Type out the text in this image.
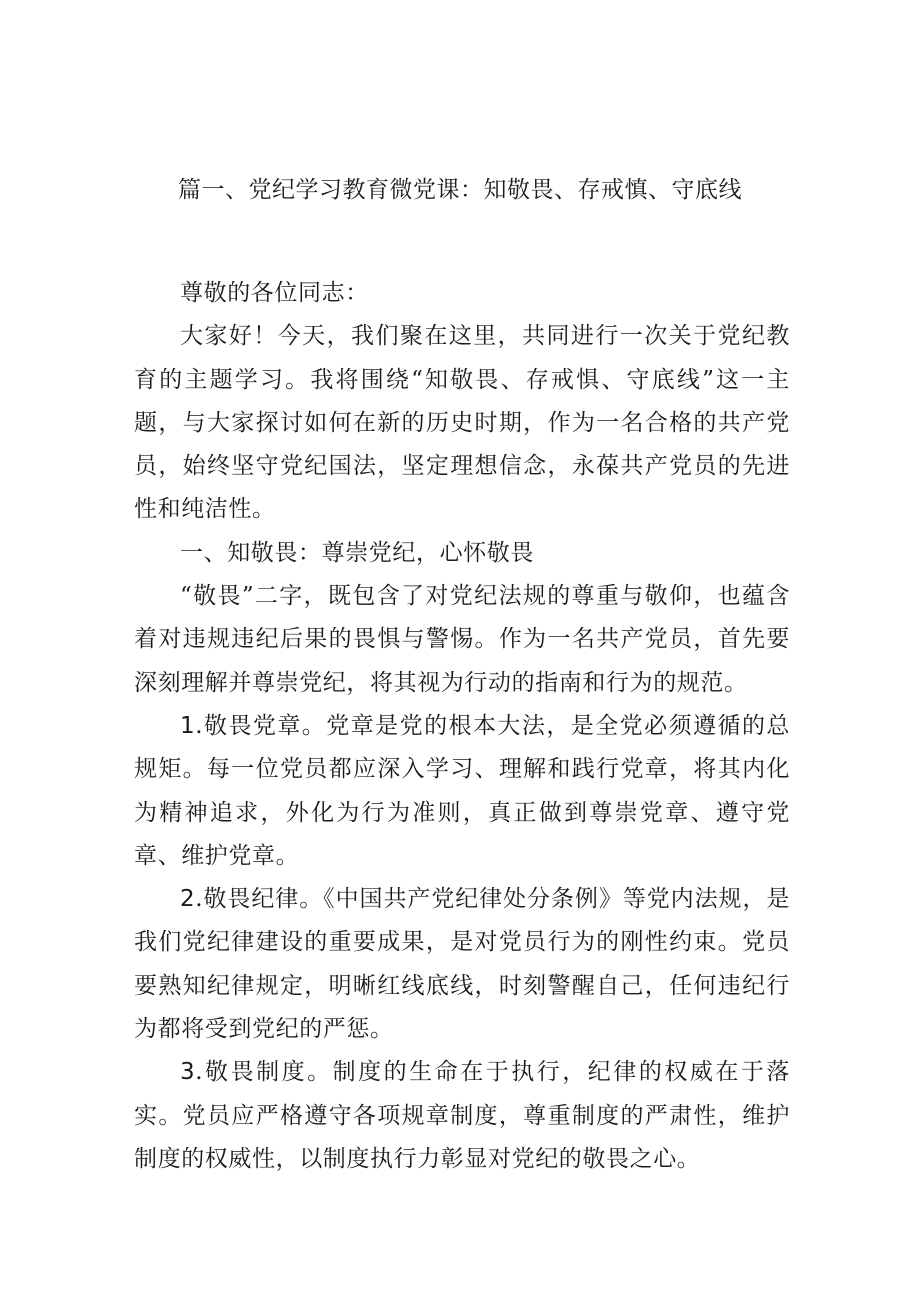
篇一、党纪学习教育微党课：知敬畏、存戒慎、守底线

尊敬的各位同志：

大家好！今天，我们聚在这里，共同进行一次关于党纪教育的主题学习。我将围绕“知敬畏、存戒惧、守底线”这一主题，与大家探讨如何在新的历史时期，作为一名合格的共产党员，始终坚守党纪国法，坚定理想信念，永葆共产党员的先进性和纯洁性。

一、知敬畏：尊崇党纪，心怀敬畏

“敬畏”二字，既包含了对党纪法规的尊重与敬仰，也蕴含着对违规违纪后果的畏惧与警惕。作为一名共产党员，首先要深刻理解并尊崇党纪，将其视为行动的指南和行为的规范。

1.敬畏党章。党章是党的根本大法，是全党必须遵循的总规矩。每一位党员都应深入学习、理解和践行党章，将其内化为精神追求，外化为行为准则，真正做到尊崇党章、遵守党章、维护党章。

2.敬畏纪律。《中国共产党纪律处分条例》等党内法规，是我们党纪律建设的重要成果，是对党员行为的刚性约束。党员要熟知纪律规定，明晰红线底线，时刻警醒自己，任何违纪行为都将受到党纪的严惩。

3.敬畏制度。制度的生命在于执行，纪律的权威在于落实。党员应严格遵守各项规章制度，尊重制度的严肃性，维护制度的权威性，以制度执行力彰显对党纪的敬畏之心。
